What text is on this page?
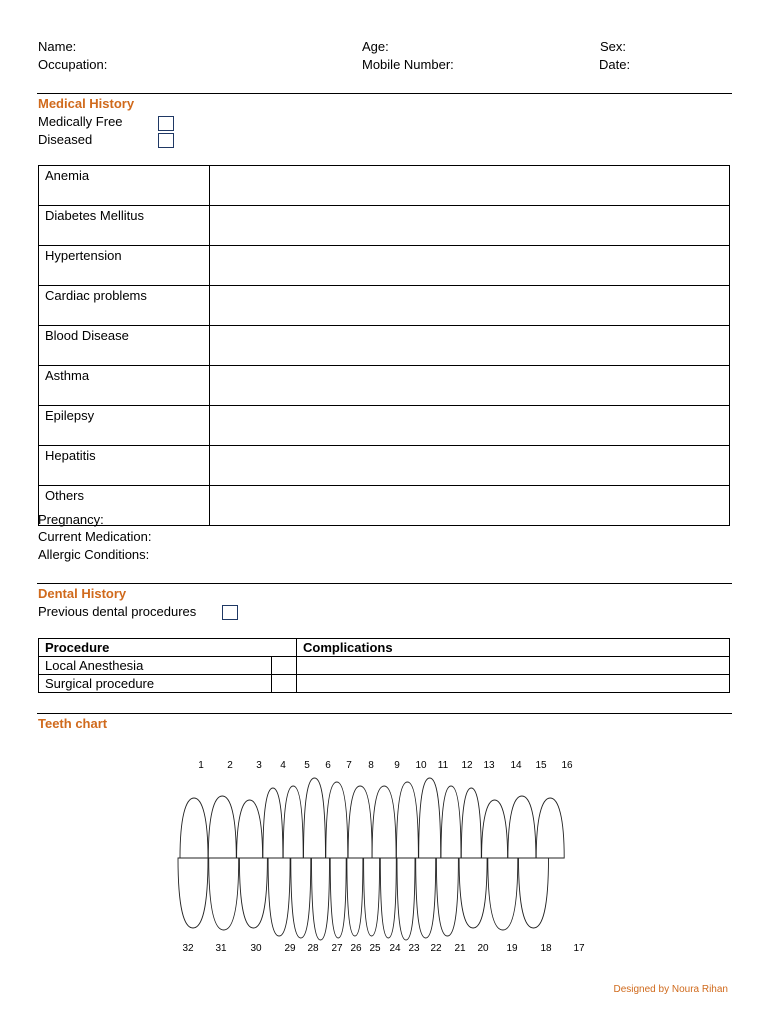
Name:	Age:	Sex:
Occupation:	Mobile Number:	Date:
Medical History
Medically Free
Diseased
Anemia	
Diabetes Mellitus	
Hypertension	
Cardiac problems	
Blood Disease	
Asthma	
Epilepsy	
Hepatitis	
Others	
Pregnancy:
Current Medication:
Allergic Conditions:
Dental History
Previous dental procedures
Procedure		Complications
Local Anesthesia		
Surgical procedure		
Teeth chart
1 2 3 4 5 6 7 8 9 10 11 12 13 14 15 16
32 31 30 29 28 27 26 25 24 23 22 21 20 19 18 17
Designed by Noura Rihan
